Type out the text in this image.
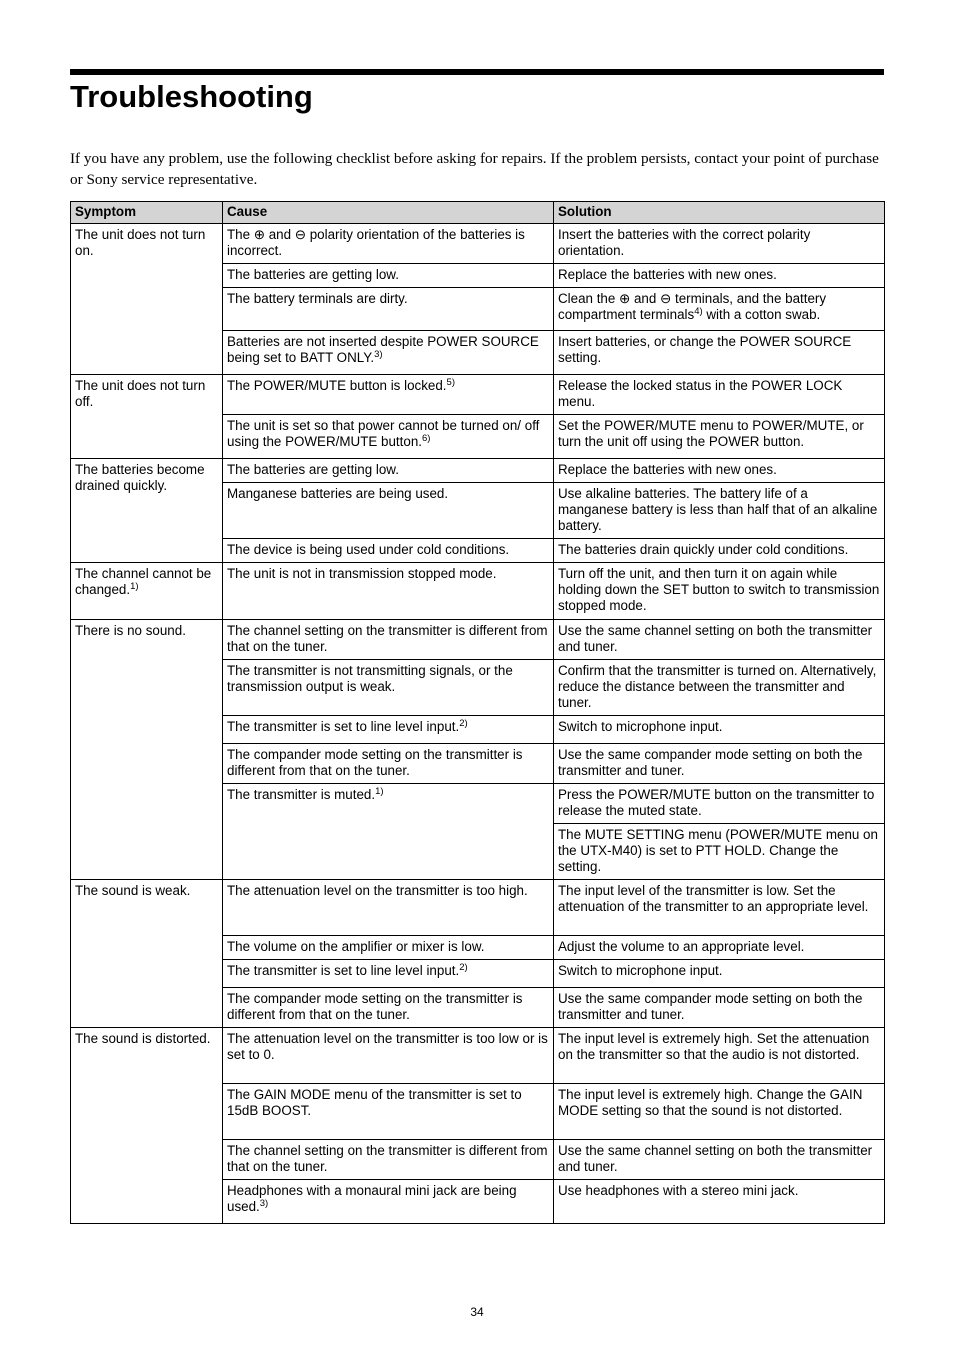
Troubleshooting

If you have any problem, use the following checklist before asking for repairs. If the problem persists, contact your point of purchase or Sony service representative.

Symptom	Cause	Solution
The unit does not turn on.	The ⊕ and ⊖ polarity orientation of the batteries is incorrect.	Insert the batteries with the correct polarity orientation.
	The batteries are getting low.	Replace the batteries with new ones.
	The battery terminals are dirty.	Clean the ⊕ and ⊖ terminals, and the battery compartment terminals$^{4)}$ with a cotton swab.
	Batteries are not inserted despite POWER SOURCE being set to BATT ONLY.$^{3)}$	Insert batteries, or change the POWER SOURCE setting.
The unit does not turn off.	The POWER/MUTE button is locked.$^{5)}$	Release the locked status in the POWER LOCK menu.
	The unit is set so that power cannot be turned on/ off using the POWER/MUTE button.$^{6)}$	Set the POWER/MUTE menu to POWER/MUTE, or turn the unit off using the POWER button.
The batteries become drained quickly.	The batteries are getting low.	Replace the batteries with new ones.
	Manganese batteries are being used.	Use alkaline batteries. The battery life of a manganese battery is less than half that of an alkaline battery.
	The device is being used under cold conditions.	The batteries drain quickly under cold conditions.
The channel cannot be changed.$^{1)}$	The unit is not in transmission stopped mode.	Turn off the unit, and then turn it on again while holding down the SET button to switch to transmission stopped mode.
There is no sound.	The channel setting on the transmitter is different from that on the tuner.	Use the same channel setting on both the transmitter and tuner.
	The transmitter is not transmitting signals, or the transmission output is weak.	Confirm that the transmitter is turned on. Alternatively, reduce the distance between the transmitter and tuner.
	The transmitter is set to line level input.$^{2)}$	Switch to microphone input.
	The compander mode setting on the transmitter is different from that on the tuner.	Use the same compander mode setting on both the transmitter and tuner.
	The transmitter is muted.$^{1)}$	Press the POWER/MUTE button on the transmitter to release the muted state.
		The MUTE SETTING menu (POWER/MUTE menu on the UTX-M40) is set to PTT HOLD. Change the setting.
The sound is weak.	The attenuation level on the transmitter is too high.	The input level of the transmitter is low. Set the attenuation of the transmitter to an appropriate level.
	The volume on the amplifier or mixer is low.	Adjust the volume to an appropriate level.
	The transmitter is set to line level input.$^{2)}$	Switch to microphone input.
	The compander mode setting on the transmitter is different from that on the tuner.	Use the same compander mode setting on both the transmitter and tuner.
The sound is distorted.	The attenuation level on the transmitter is too low or is set to 0.	The input level is extremely high. Set the attenuation on the transmitter so that the audio is not distorted.
	The GAIN MODE menu of the transmitter is set to 15dB BOOST.	The input level is extremely high. Change the GAIN MODE setting so that the sound is not distorted.
	The channel setting on the transmitter is different from that on the tuner.	Use the same channel setting on both the transmitter and tuner.
	Headphones with a monaural mini jack are being used.$^{3)}$	Use headphones with a stereo mini jack.
34
